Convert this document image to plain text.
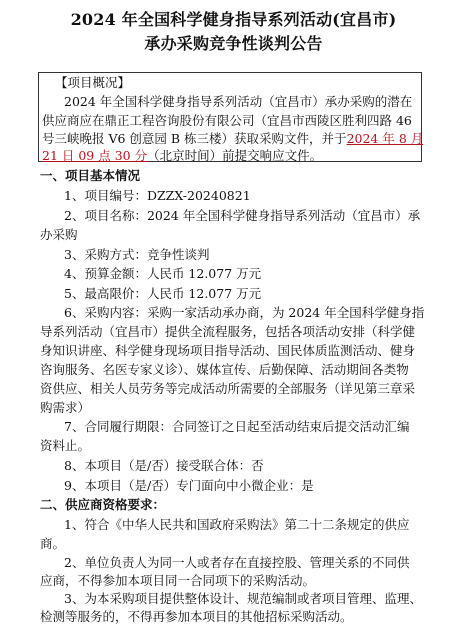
2024 年全国科学健身指导系列活动(宜昌市)
承办采购竞争性谈判公告
【项目概况】
2024 年全国科学健身指导系列活动（宜昌市）承办采购的潜在
供应商应在鼎正工程咨询股份有限公司（宜昌市西陵区胜利四路 46
号三峡晚报 V6 创意园 B 栋三楼）获取采购文件，并于2024 年 8 月
21 日 09 点 30 分（北京时间）前提交响应文件。
一、项目基本情况
1、项目编号：DZZX-20240821
2、项目名称：2024 年全国科学健身指导系列活动（宜昌市）承
办采购
3、采购方式：竞争性谈判
4、预算金额：人民币 12.077 万元
5、最高限价：人民币 12.077 万元
6、采购内容：采购一家活动承办商，为 2024 年全国科学健身指
导系列活动（宜昌市）提供全流程服务，包括各项活动安排（科学健
身知识讲座、科学健身现场项目指导活动、国民体质监测活动、健身
咨询服务、名医专家义诊）、媒体宣传、后勤保障、活动期间各类物
资供应、相关人员劳务等完成活动所需要的全部服务（详见第三章采
购需求）
7、合同履行期限：合同签订之日起至活动结束后提交活动汇编
资料止。
8、本项目（是/否）接受联合体：否
9、本项目（是/否）专门面向中小微企业：是
二、供应商资格要求：
1、符合《中华人民共和国政府采购法》第二十二条规定的供应
商。
2、单位负责人为同一人或者存在直接控股、管理关系的不同供
应商，不得参加本项目同一合同项下的采购活动。
3、为本采购项目提供整体设计、规范编制或者项目管理、监理、
检测等服务的，不得再参加本项目的其他招标采购活动。
